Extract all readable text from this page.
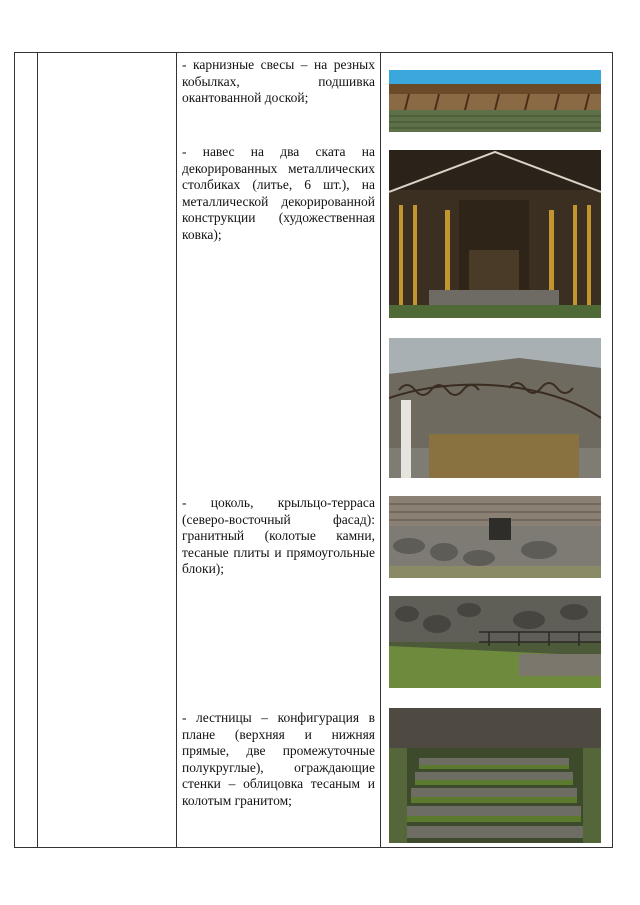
- карнизные свесы – на резных кобылках, подшивка окантованной доской;

- навес на два ската на декорированных металлических столбиках (литье, 6 шт.), на металлической декорированной конструкции (художественная ковка);

- цоколь, крыльцо-терраса (северо-восточный фасад): гранитный (колотые камни, тесаные плиты и прямоугольные блоки);

- лестницы – конфигурация в плане (верхняя и нижняя прямые, две промежуточные полукруглые), ограждающие стенки – облицовка тесаным и колотым гранитом;
